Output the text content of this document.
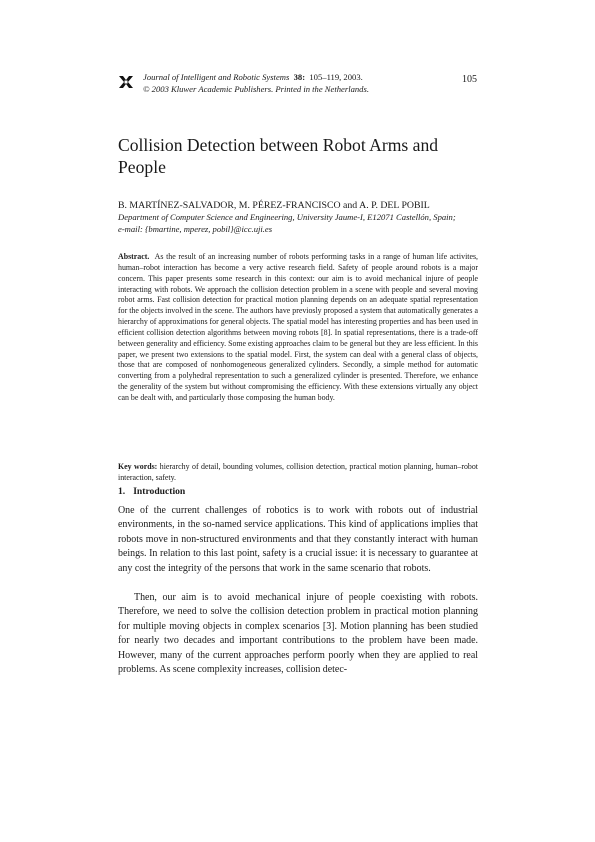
Journal of Intelligent and Robotic Systems 38: 105–119, 2003.
© 2003 Kluwer Academic Publishers. Printed in the Netherlands.
105
Collision Detection between Robot Arms and People
B. MARTÍNEZ-SALVADOR, M. PÉREZ-FRANCISCO and A. P. DEL POBIL
Department of Computer Science and Engineering, University Jaume-I, E12071 Castellón, Spain;
e-mail: {bmartine, mperez, pobil}@icc.uji.es

Abstract. As the result of an increasing number of robots performing tasks in a range of human life activites, human–robot interaction has become a very active research field. Safety of people around robots is a major concern. This paper presents some research in this context: our aim is to avoid mechanical injure of people interacting with robots. We approach the collision detection problem in a scene with people and several moving robot arms. Fast collision detection for practical motion planning depends on an adequate spatial representation for the objects involved in the scene. The authors have previosly proposed a system that automatically generates a hierarchy of approximations for general objects. The spatial model has interesting properties and has been used in efficient collision detection algorithms between moving robots [8]. In spatial representations, there is a trade-off between generality and efficiency. Some existing approaches claim to be general but they are less efficient. In this paper, we present two extensions to the spatial model. First, the system can deal with a general class of objects, those that are composed of nonhomogeneous generalized cylinders. Secondly, a simple method for automatic converting from a polyhedral representation to such a generalized cylinder is presented. Therefore, we enhance the generality of the system but without compromising the efficiency. With these extensions virtually any object can be dealt with, and particularly those composing the human body.

Key words: hierarchy of detail, bounding volumes, collision detection, practical motion planning, human–robot interaction, safety.

1. Introduction

One of the current challenges of robotics is to work with robots out of industrial environments, in the so-named service applications. This kind of applications implies that robots move in non-structured environments and that they constantly interact with human beings. In relation to this last point, safety is a crucial issue: it is necessary to guarantee at any cost the integrity of the persons that work in the same scenario that robots.

Then, our aim is to avoid mechanical injure of people coexisting with robots. Therefore, we need to solve the collision detection problem in practical motion planning for multiple moving objects in complex scenarios [3]. Motion planning has been studied for nearly two decades and important contributions to the problem have been made. However, many of the current approaches perform poorly when they are applied to real problems. As scene complexity increases, collision detec-
